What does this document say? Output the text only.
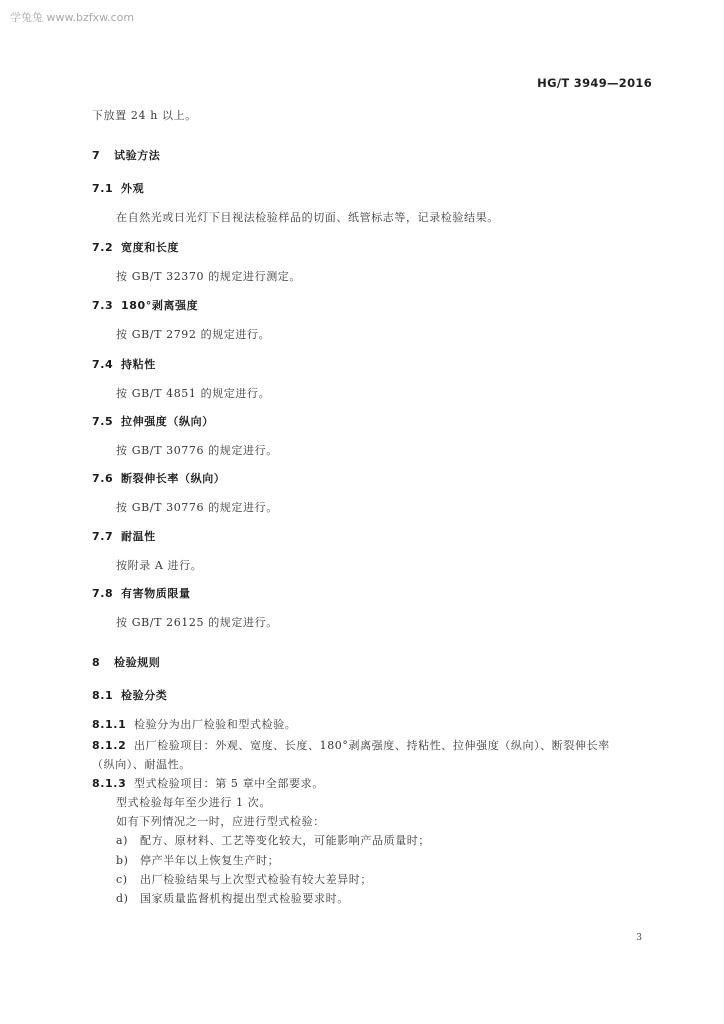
学兔兔 www.bzfxw.com
HG/T 3949—2016
下放置 24 h 以上。
7 试验方法
7.1 外观
在自然光或日光灯下目视法检验样品的切面、纸管标志等，记录检验结果。
7.2 宽度和长度
按 GB/T 32370 的规定进行测定。
7.3 180°剥离强度
按 GB/T 2792 的规定进行。
7.4 持粘性
按 GB/T 4851 的规定进行。
7.5 拉伸强度（纵向）
按 GB/T 30776 的规定进行。
7.6 断裂伸长率（纵向）
按 GB/T 30776 的规定进行。
7.7 耐温性
按附录 A 进行。
7.8 有害物质限量
按 GB/T 26125 的规定进行。
8 检验规则
8.1 检验分类
8.1.1 检验分为出厂检验和型式检验。
8.1.2 出厂检验项目：外观、宽度、长度、180°剥离强度、持粘性、拉伸强度（纵向）、断裂伸长率
（纵向）、耐温性。
8.1.3 型式检验项目：第 5 章中全部要求。
型式检验每年至少进行 1 次。
如有下列情况之一时，应进行型式检验：
a) 配方、原材料、工艺等变化较大，可能影响产品质量时；
b) 停产半年以上恢复生产时；
c) 出厂检验结果与上次型式检验有较大差异时；
d) 国家质量监督机构提出型式检验要求时。
3
